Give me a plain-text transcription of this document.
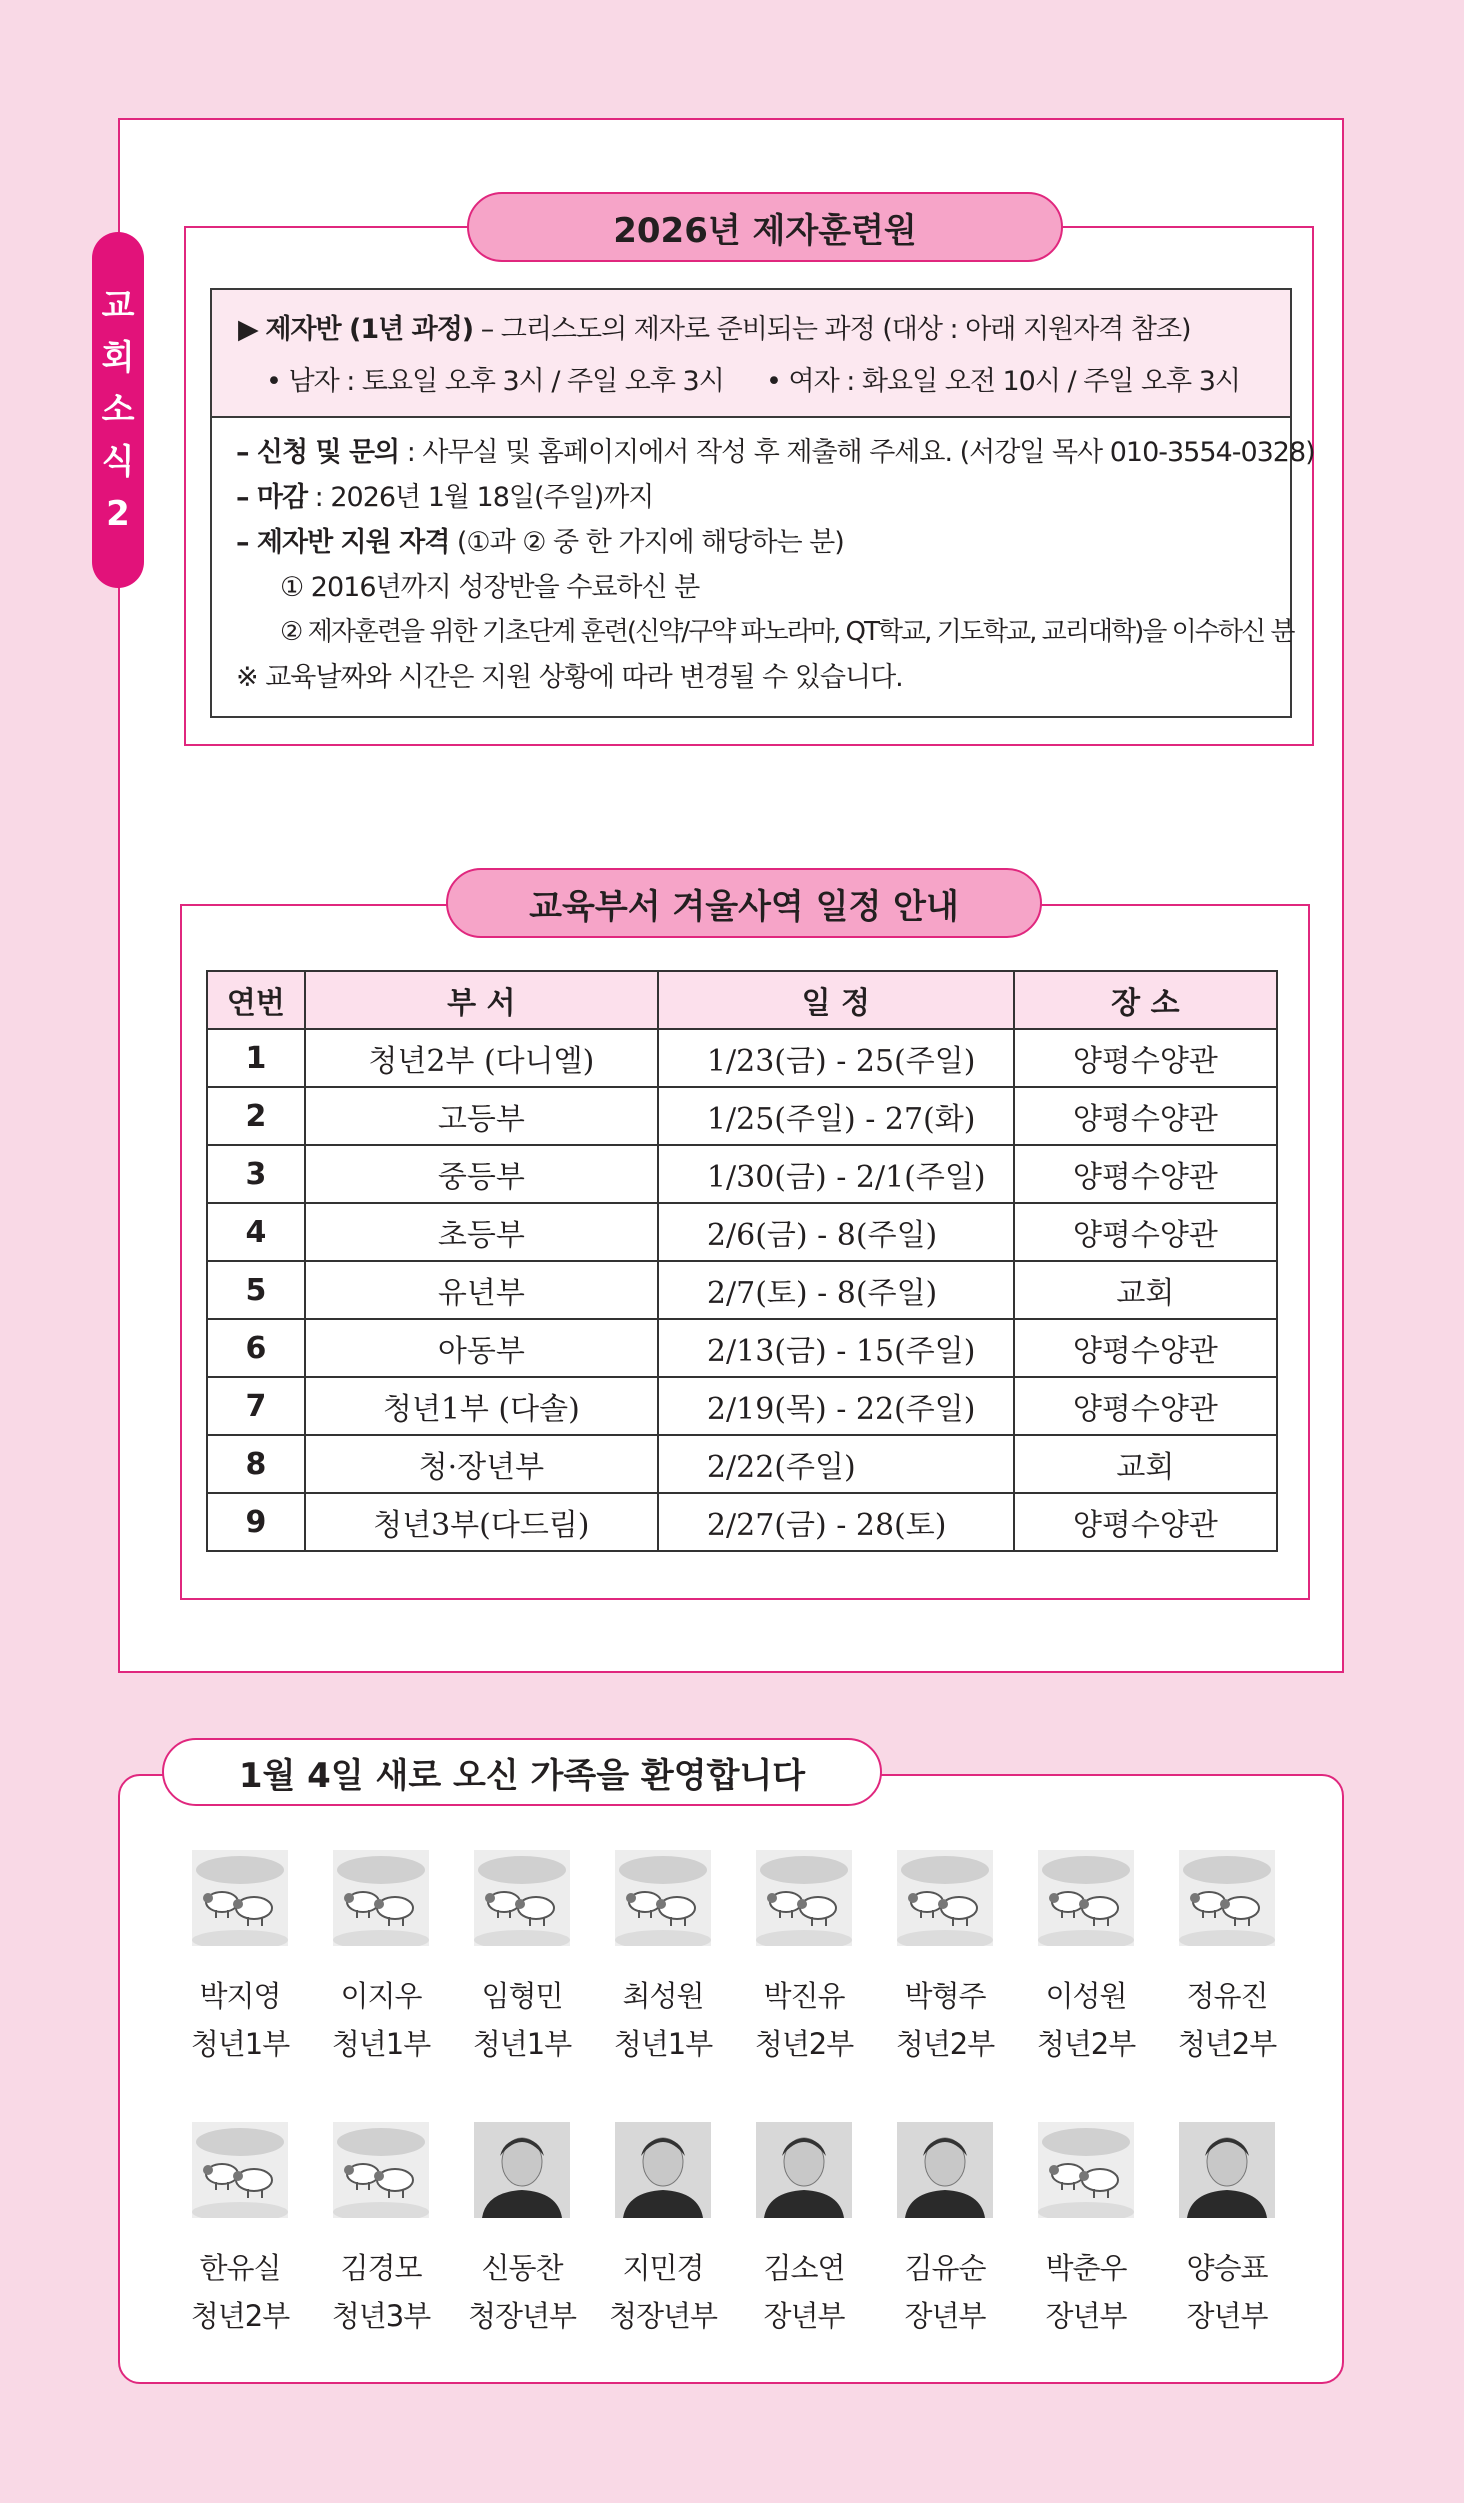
교
회
소
식
2
2026년 제자훈련원
▶ 제자반 (1년 과정) – 그리스도의 제자로 준비되는 과정 (대상 : 아래 지원자격 참조)
• 남자 : 토요일 오후 3시 / 주일 오후 3시 • 여자 : 화요일 오전 10시 / 주일 오후 3시
– 신청 및 문의 : 사무실 및 홈페이지에서 작성 후 제출해 주세요. (서강일 목사 010-3554-0328)
– 마감 : 2026년 1월 18일(주일)까지
– 제자반 지원 자격 (①과 ② 중 한 가지에 해당하는 분)
① 2016년까지 성장반을 수료하신 분
② 제자훈련을 위한 기초단계 훈련(신약/구약 파노라마, QT학교, 기도학교, 교리대학)을 이수하신 분
※ 교육날짜와 시간은 지원 상황에 따라 변경될 수 있습니다.
교육부서 겨울사역 일정 안내
연번	부 서	일 정	장 소
1	청년2부 (다니엘)	1/23(금) - 25(주일)	양평수양관
2	고등부	1/25(주일) - 27(화)	양평수양관
3	중등부	1/30(금) - 2/1(주일)	양평수양관
4	초등부	2/6(금) - 8(주일)	양평수양관
5	유년부	2/7(토) - 8(주일)	교회
6	아동부	2/13(금) - 15(주일)	양평수양관
7	청년1부 (다솔)	2/19(목) - 22(주일)	양평수양관
8	청·장년부	2/22(주일)	교회
9	청년3부(다드림)	2/27(금) - 28(토)	양평수양관
1월 4일 새로 오신 가족을 환영합니다
박지영
청년1부
이지우
청년1부
임형민
청년1부
최성원
청년1부
박진유
청년2부
박형주
청년2부
이성원
청년2부
정유진
청년2부
한유실
청년2부
김경모
청년3부
신동찬
청장년부
지민경
청장년부
김소연
장년부
김유순
장년부
박춘우
장년부
양승표
장년부
